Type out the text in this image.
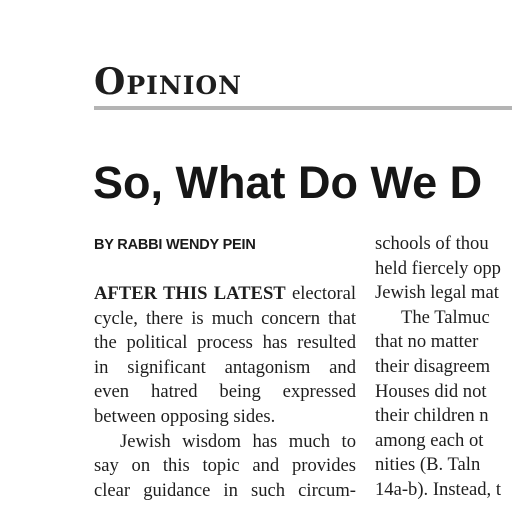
OPINION
So, What Do We D
BY RABBI WENDY PEIN
AFTER THIS LATEST electoral
cycle, there is much concern that
the political process has resulted
in significant antagonism and
even hatred being expressed
between opposing sides.
Jewish wisdom has much to
say on this topic and provides
clear guidance in such circum-
schools of thou
held fiercely opp
Jewish legal mat
The Talmuc
that no matter
their disagreem
Houses did not
their children n
among each ot
nities (B. Taln
14a-b). Instead, t
